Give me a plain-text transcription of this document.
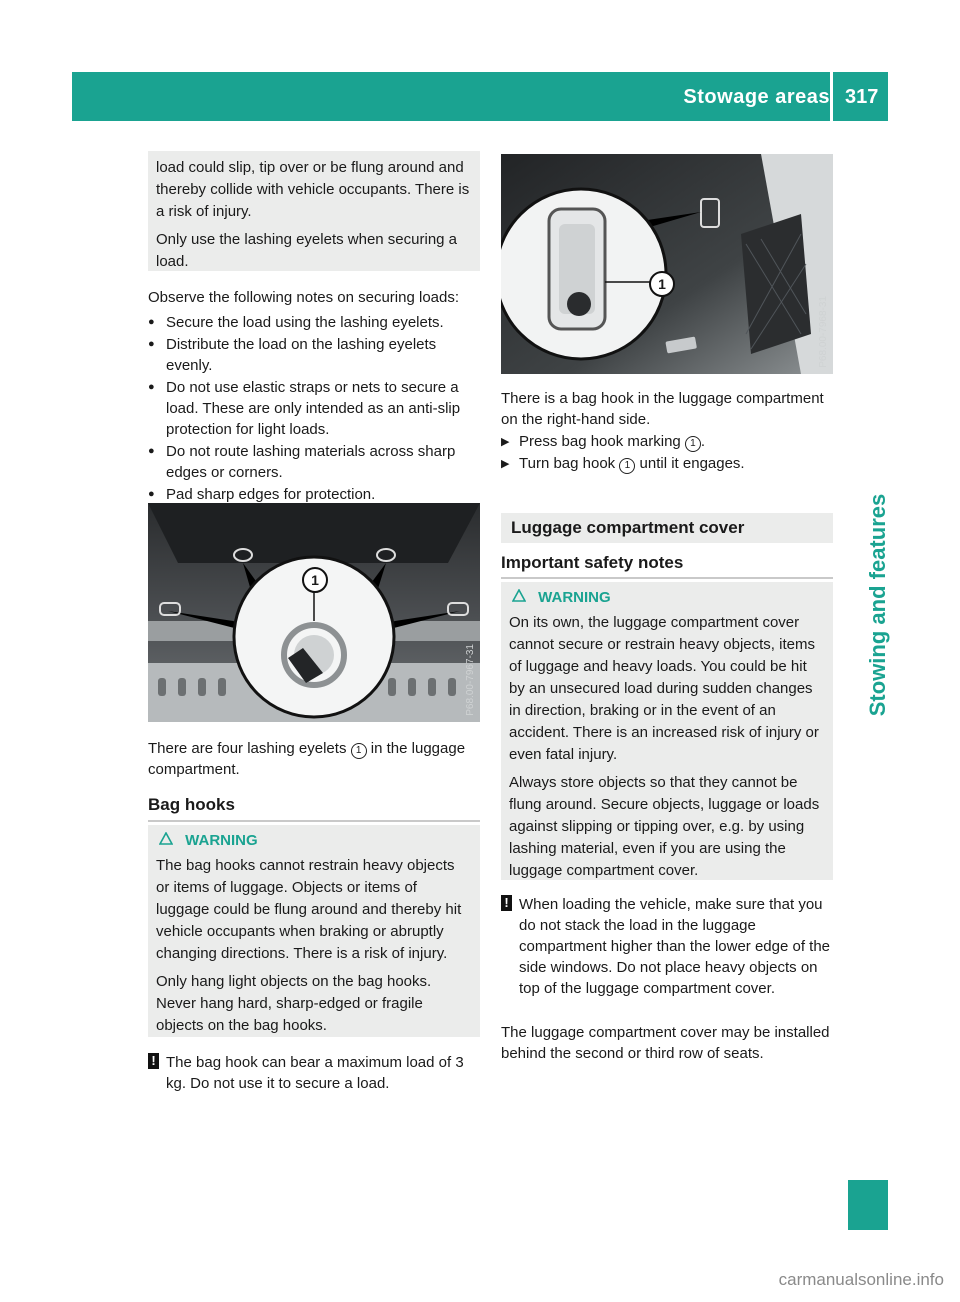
Stowage areas 317
Stowing and features
load could slip, tip over or be flung around and thereby collide with vehicle occupants. There is a risk of injury.
Only use the lashing eyelets when securing a load.
Observe the following notes on securing loads:
● Secure the load using the lashing eyelets.
● Distribute the load on the lashing eyelets evenly.
● Do not use elastic straps or nets to secure a load. These are only intended as an anti-slip protection for light loads.
● Do not route lashing materials across sharp edges or corners.
● Pad sharp edges for protection.
1
P68.00-7967-31
There are four lashing eyelets 1 in the luggage compartment.
Bag hooks
WARNING
The bag hooks cannot restrain heavy objects or items of luggage. Objects or items of luggage could be flung around and thereby hit vehicle occupants when braking or abruptly changing directions. There is a risk of injury.
Only hang light objects on the bag hooks. Never hang hard, sharp-edged or fragile objects on the bag hooks.
! The bag hook can bear a maximum load of 3 kg. Do not use it to secure a load.
1
P68.00-7968-31
There is a bag hook in the luggage compartment on the right-hand side.
▶ Press bag hook marking 1 .
▶ Turn bag hook 1 until it engages.
Luggage compartment cover
Important safety notes
WARNING
On its own, the luggage compartment cover cannot secure or restrain heavy objects, items of luggage and heavy loads. You could be hit by an unsecured load during sudden changes in direction, braking or in the event of an accident. There is an increased risk of injury or even fatal injury.
Always store objects so that they cannot be flung around. Secure objects, luggage or loads against slipping or tipping over, e.g. by using lashing material, even if you are using the luggage compartment cover.
! When loading the vehicle, make sure that you do not stack the load in the luggage compartment higher than the lower edge of the side windows. Do not place heavy objects on top of the luggage compartment cover.
The luggage compartment cover may be installed behind the second or third row of seats.
carmanualsonline.info
